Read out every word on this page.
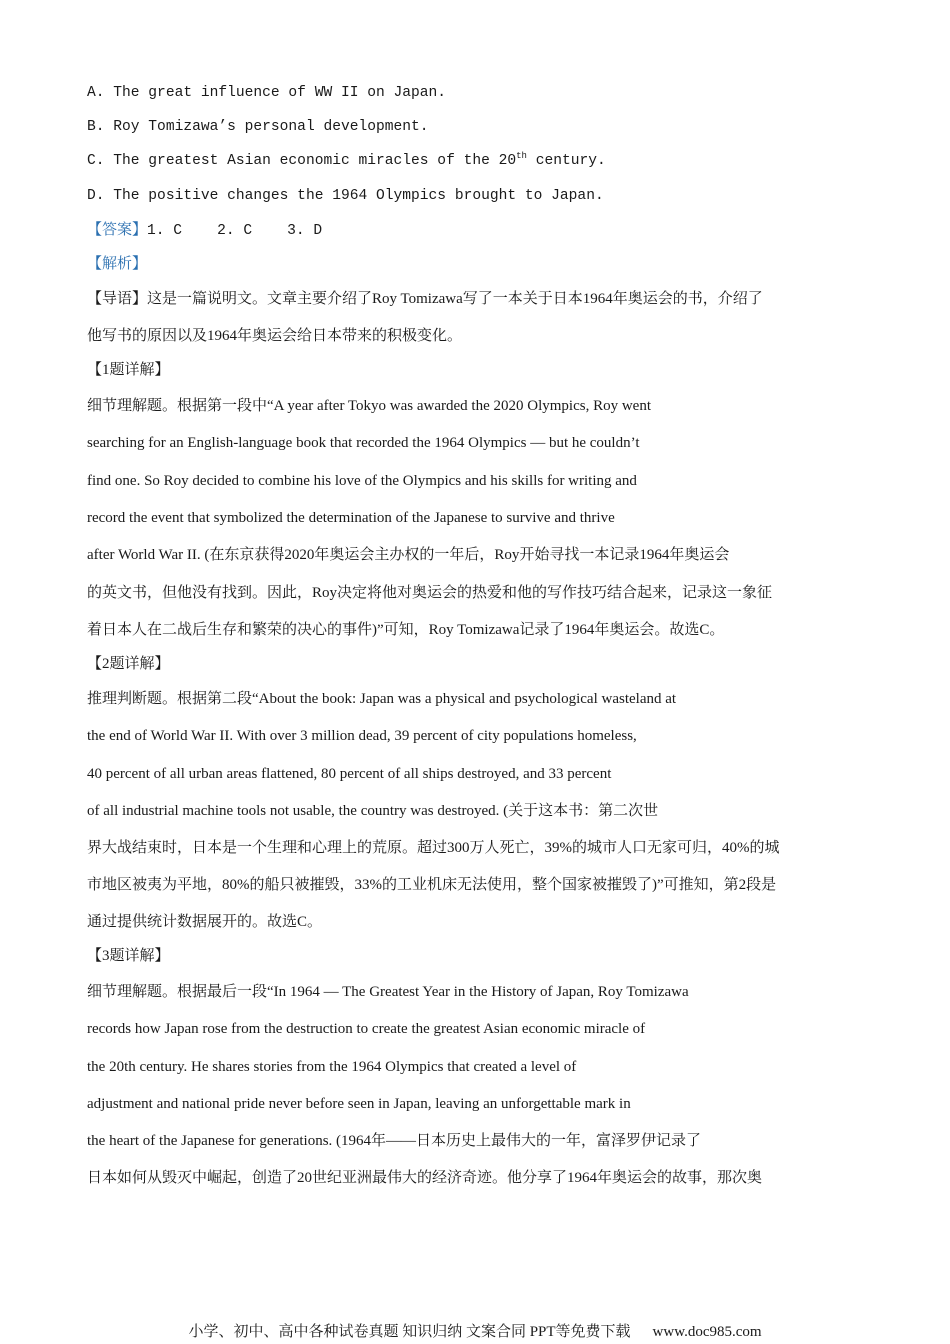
A. The great influence of WW II on Japan.
B. Roy Tomizawa’s personal development.
C. The greatest Asian economic miracles of the 20th century.
D. The positive changes the 1964 Olympics brought to Japan.
【答案】1. C    2. C    3. D
【解析】
【导语】这是一篇说明文。文章主要介绍了Roy Tomizawa写了一本关于日本1964年奥运会的书，介绍了
他写书的原因以及1964年奥运会给日本带来的积极变化。
【1题详解】
细节理解题。根据第一段中“A year after Tokyo was awarded the 2020 Olympics, Roy went
searching for an English-language book that recorded the 1964 Olympics — but he couldn’t
find one. So Roy decided to combine his love of the Olympics and his skills for writing and
record the event that symbolized the determination of the Japanese to survive and thrive
after World War II. (在东京获得2020年奥运会主办权的一年后，Roy开始寻找一本记录1964年奥运会
的英文书，但他没有找到。因此，Roy决定将他对奥运会的热爱和他的写作技巧结合起来，记录这一象征
着日本人在二战后生存和繁荣的决心的事件)”可知，Roy Tomizawa记录了1964年奥运会。故选C。
【2题详解】
推理判断题。根据第二段“About the book: Japan was a physical and psychological wasteland at
the end of World War II. With over 3 million dead, 39 percent of city populations homeless,
40 percent of all urban areas flattened, 80 percent of all ships destroyed, and 33 percent
of all industrial machine tools not usable, the country was destroyed. (关于这本书：第二次世
界大战结束时，日本是一个生理和心理上的荒原。超过300万人死亡，39%的城市人口无家可归，40%的城
市地区被夷为平地，80%的船只被摧毁，33%的工业机床无法使用，整个国家被摧毁了)”可推知，第2段是
通过提供统计数据展开的。故选C。
【3题详解】
细节理解题。根据最后一段“In 1964 — The Greatest Year in the History of Japan, Roy Tomizawa
records how Japan rose from the destruction to create the greatest Asian economic miracle of
the 20th century. He shares stories from the 1964 Olympics that created a level of
adjustment and national pride never before seen in Japan, leaving an unforgettable mark in
the heart of the Japanese for generations. (1964年——日本历史上最伟大的一年，富泽罗伊记录了
日本如何从毁灭中崛起，创造了20世纪亚洲最伟大的经济奇迹。他分享了1964年奥运会的故事，那次奥
小学、初中、高中各种试卷真题 知识归纳 文案合同 PPT等免费下载 www.doc985.com
